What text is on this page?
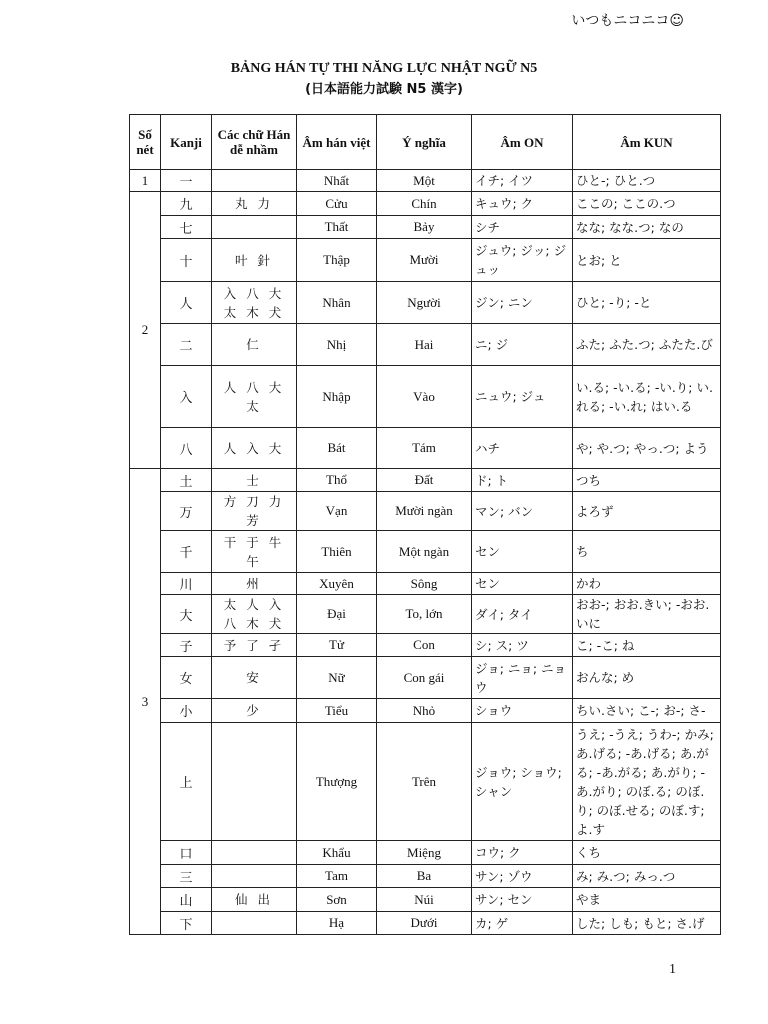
いつもニコニコ☺
BẢNG HÁN TỰ THI NĂNG LỰC NHẬT NGỮ N5
(日本語能力試験 N5 漢字)
Số nét	Kanji	Các chữ Hán dễ nhầm	Âm hán việt	Ý nghĩa	Âm ON	Âm KUN
1	一		Nhất	Một	イチ; イツ	ひと-; ひと.つ
2	九	丸 力	Cửu	Chín	キュウ; ク	ここの; ここの.つ
	七		Thất	Bảy	シチ	なな; なな.つ; なの
	十	叶 針	Thập	Mười	ジュウ; ジッ; ジュッ	とお; と
	人	入 八 大 太 木 犬	Nhân	Người	ジン; ニン	ひと; -り; -と
	二	仁	Nhị	Hai	ニ; ジ	ふた; ふた.つ; ふたた.び
	入	人 八 大 太	Nhập	Vào	ニュウ; ジュ	い.る; -い.る; -い.り; い.れる; -い.れ; はい.る
	八	人 入 大	Bát	Tám	ハチ	や; や.つ; やっ.つ; よう
3	土	士	Thổ	Đất	ド; ト	つち
	万	方 刀 力 芳	Vạn	Mười ngàn	マン; バン	よろず
	千	干 于 牛 午	Thiên	Một ngàn	セン	ち
	川	州	Xuyên	Sông	セン	かわ
	大	太 人 入 八 木 犬	Đại	To, lớn	ダイ; タイ	おお-; おお.きい; -おお.いに
	子	予 了 孑	Tử	Con	シ; ス; ツ	こ; -こ; ね
	女	安	Nữ	Con gái	ジョ; ニョ; ニョウ	おんな; め
	小	少	Tiểu	Nhỏ	ショウ	ちい.さい; こ-; お-; さ-
	上		Thượng	Trên	ジョウ; ショウ; シャン	うえ; -うえ; うわ-; かみ; あ.げる; -あ.げる; あ.がる; -あ.がる; あ.がり; -あ.がり; のぼ.る; のぼ.り; のぼ.せる; のぼ.す; よ.す
	口		Khẩu	Miệng	コウ; ク	くち
	三		Tam	Ba	サン; ゾウ	み; み.つ; みっ.つ
	山	仙 出	Sơn	Núi	サン; セン	やま
	下		Hạ	Dưới	カ; ゲ	した; しも; もと; さ.げ
1
